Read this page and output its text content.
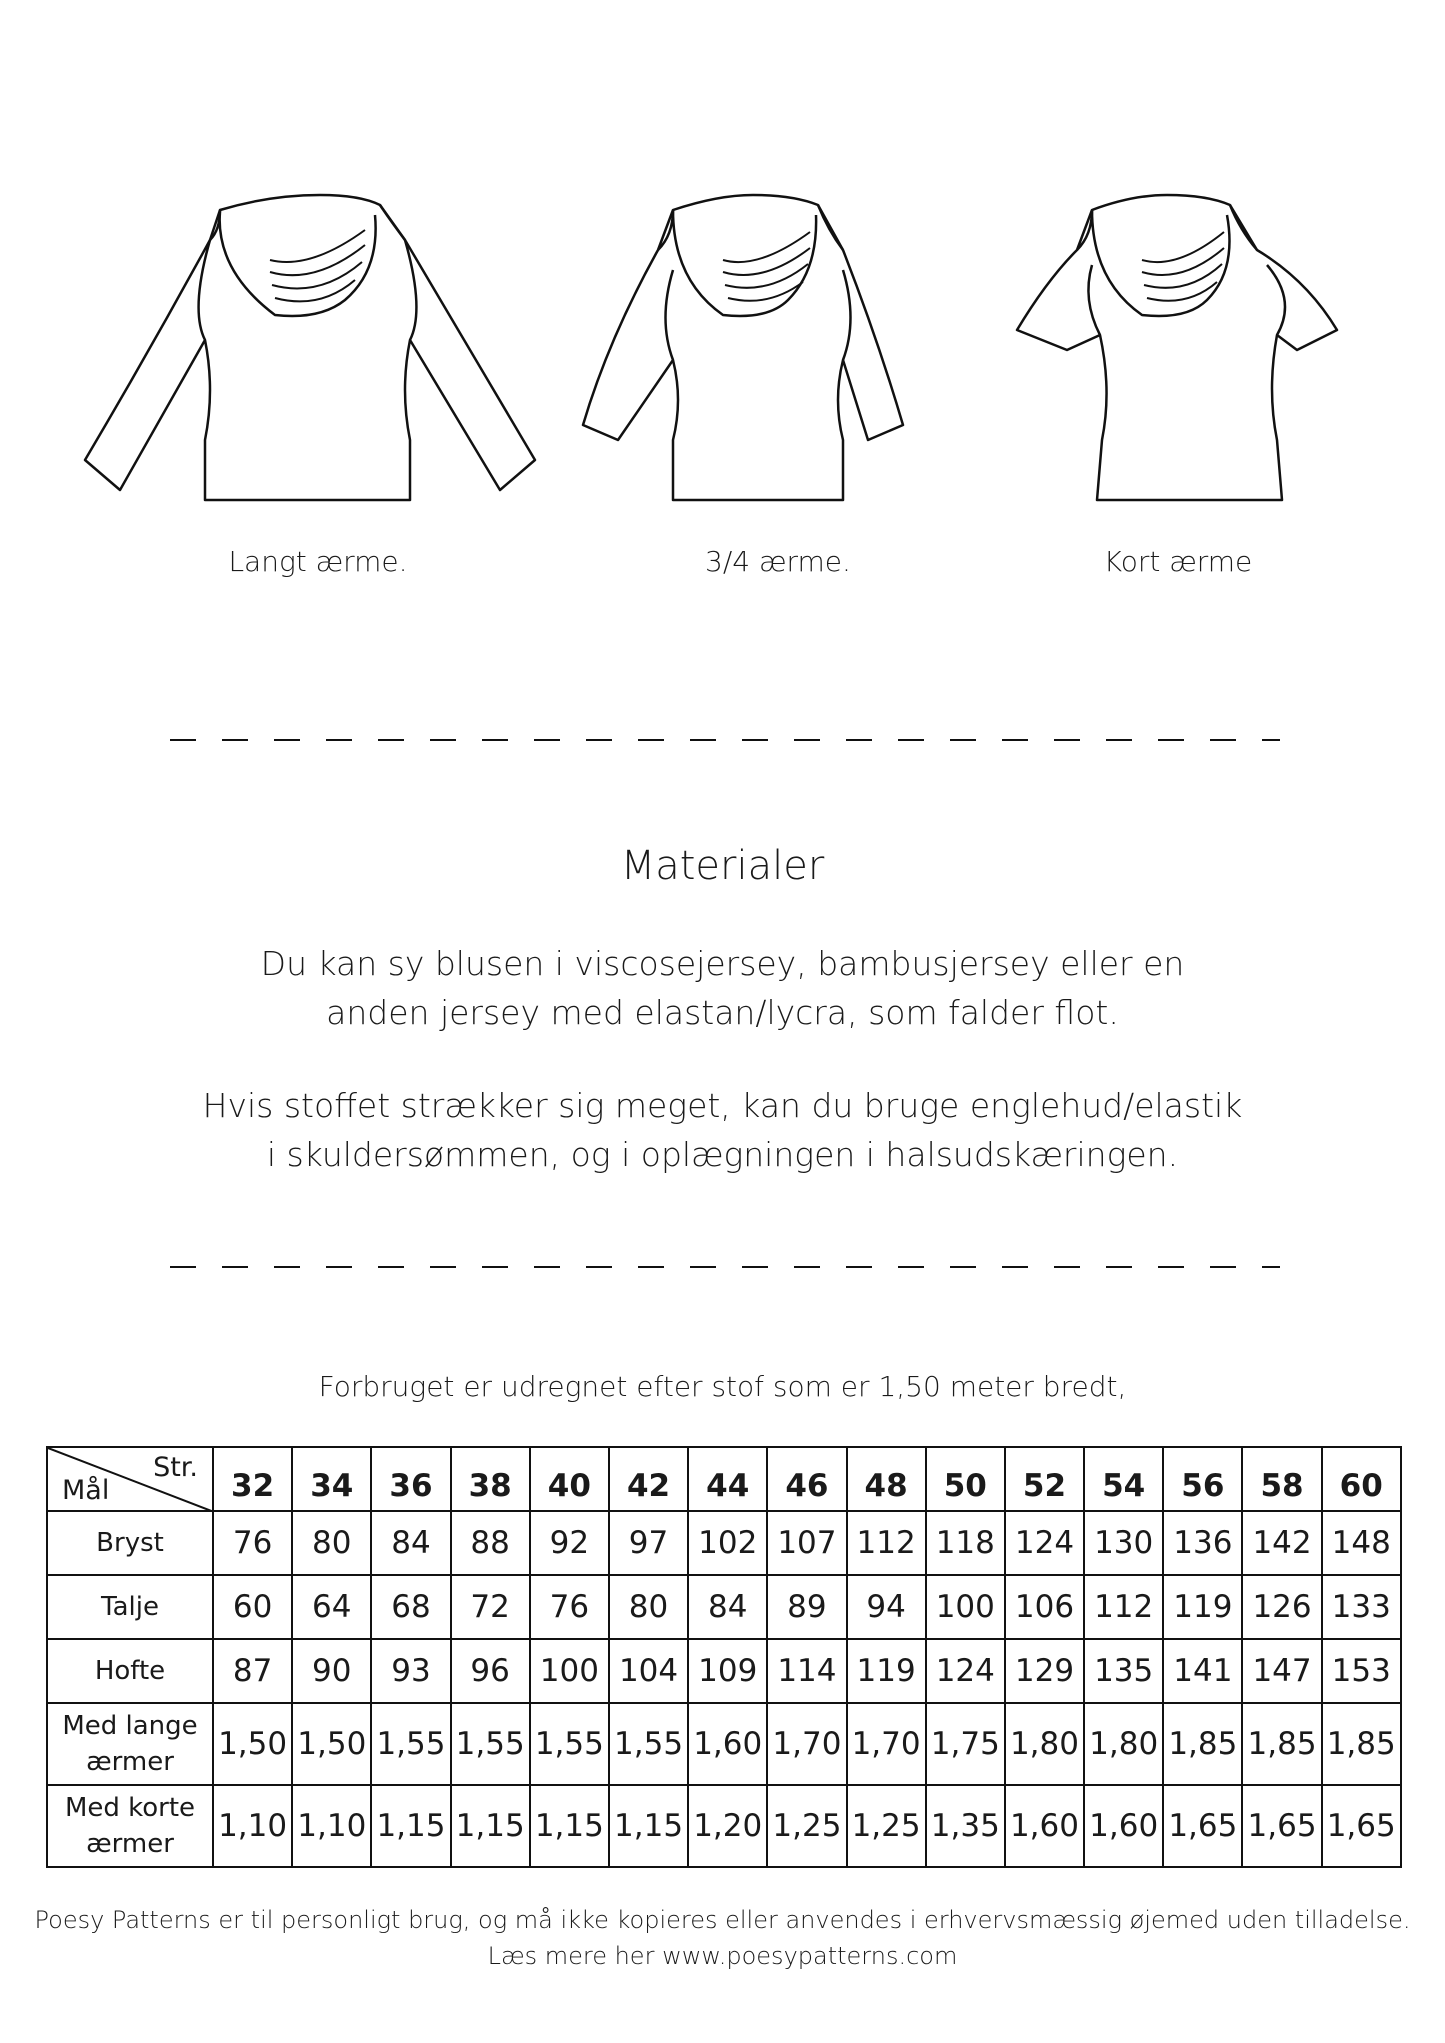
Langt ærme.	3/4 ærme.	Kort ærme
Materialer
Du kan sy blusen i viscosejersey, bambusjersey eller en
anden jersey med elastan/lycra, som falder flot.
Hvis stoffet strækker sig meget, kan du bruge englehud/elastik
i skuldersømmen, og i oplægningen i halsudskæringen.
Forbruget er udregnet efter stof som er 1,50 meter bredt,
Str.
Mål	32	34	36	38	40	42	44	46	48	50	52	54	56	58	60
Bryst	76	80	84	88	92	97	102	107	112	118	124	130	136	142	148
Talje	60	64	68	72	76	80	84	89	94	100	106	112	119	126	133
Hofte	87	90	93	96	100	104	109	114	119	124	129	135	141	147	153

Med lange
ærmer	1,50	1,50	1,55	1,55	1,55	1,55	1,60	1,70	1,70	1,75	1,80	1,80	1,85	1,85	1,85

Med korte
ærmer	1,10	1,10	1,15	1,15	1,15	1,15	1,20	1,25	1,25	1,35	1,60	1,60	1,65	1,65	1,65
Poesy Patterns er til personligt brug, og må ikke kopieres eller anvendes i erhvervsmæssig øjemed uden tilladelse.
Læs mere her www.poesypatterns.com
